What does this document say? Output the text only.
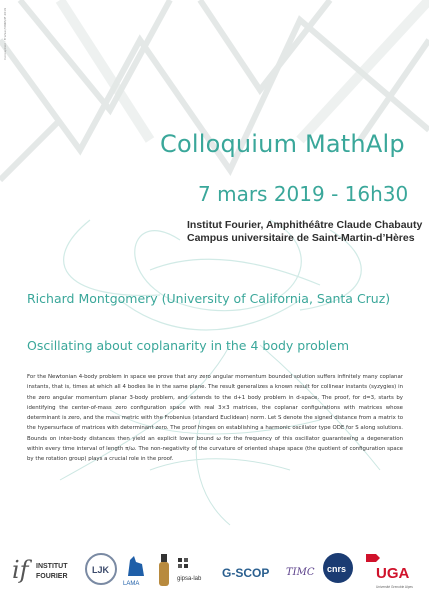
Conception : Frahier/CNRS/IF 2019
Colloquium MathAlp
7 mars 2019 - 16h30
Institut Fourier, Amphithéâtre Claude Chabauty
Campus universitaire de Saint-Martin-d’Hères
Richard Montgomery (University of California, Santa Cruz)
Oscillating about coplanarity in the 4 body problem
For the Newtonian 4-body problem in space we prove that any zero angular momentum bounded solution suffers infinitely many coplanar instants, that is, times at which all 4 bodies lie in the same plane. The result generalizes a known result for collinear instants (syzygies) in the zero angular momentum planar 3-body problem, and extends to the d+1 body problem in d-space. The proof, for d=3, starts by identifying the center-of-mass zero configuration space with real 3×3 matrices, the coplanar configurations with matrices whose determinant is zero, and the mass metric with the Frobenius (standard Euclidean) norm. Let S denote the signed distance from a matrix to the hypersurface of matrices with determinant zero. The proof hinges on establishing a harmonic oscillator type ODE for S along solutions. Bounds on inter-body distances then yield an explicit lower bound ω for the frequency of this oscillator guaranteeing a degeneration within every time interval of length π/ω. The non-negativity of the curvature of oriented shape space (the quotient of configuration space by the rotation group) plays a crucial role in the proof.
if	INSTITUT
FOURIER
LJK
LAMA
gipsa-lab G-SCOP TIMC cnrs UGA
Université Grenoble Alpes
